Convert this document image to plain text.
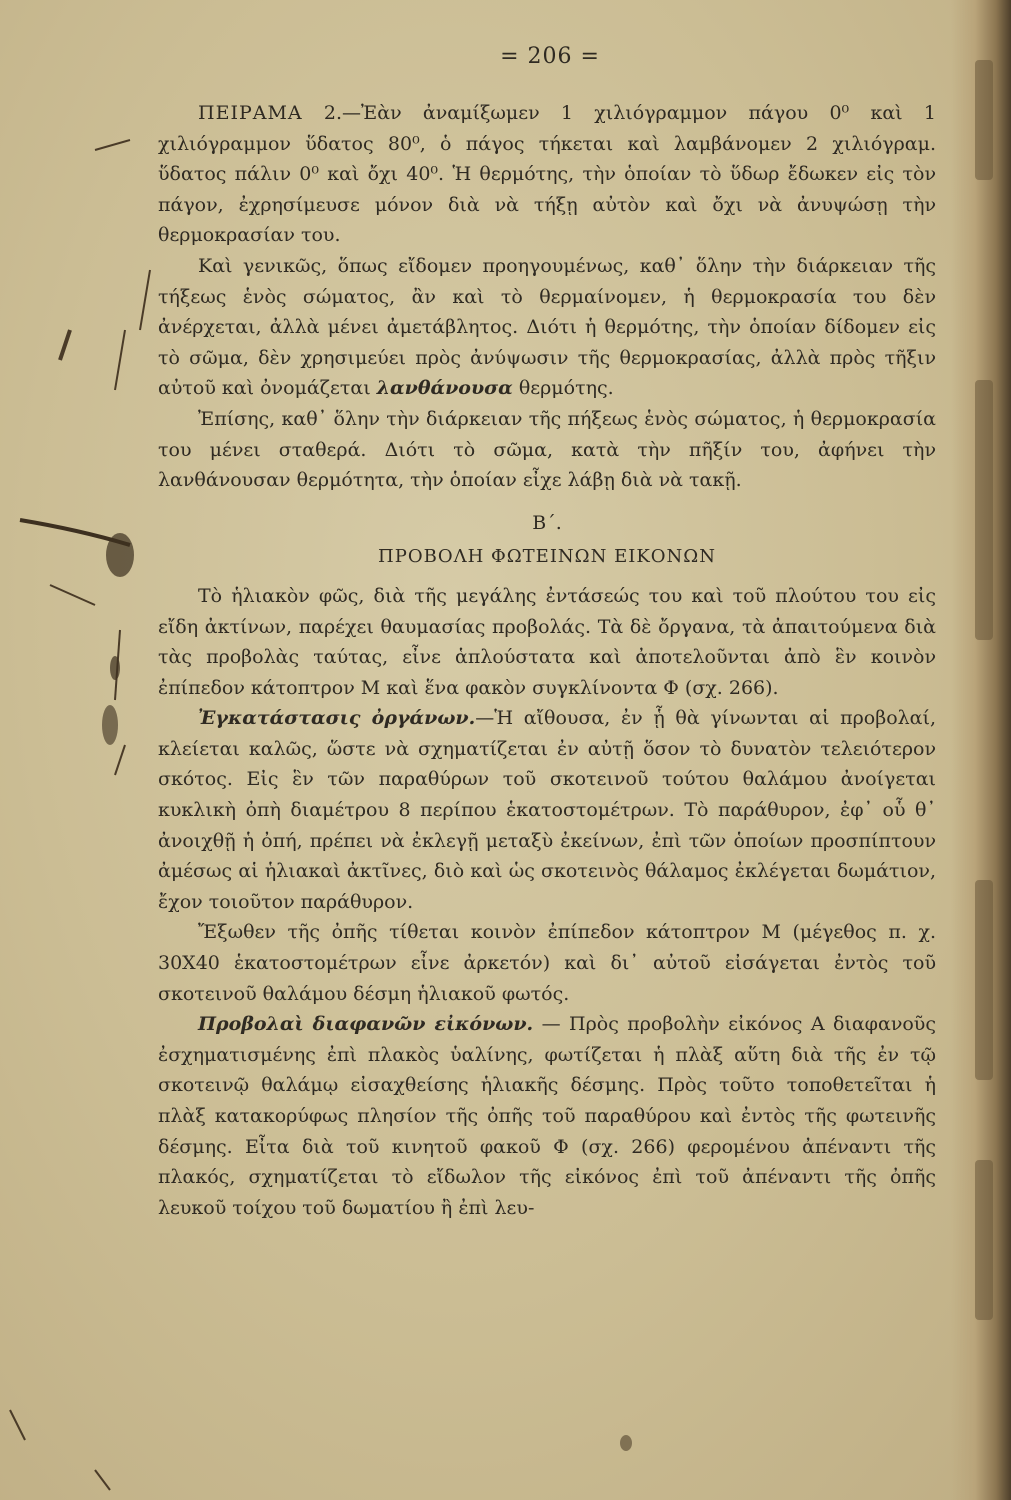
= 206 =

ΠΕΙΡΑΜΑ 2.—Ἐὰν ἀναμίξωμεν 1 χιλιόγραμμον πάγου 0⁰ καὶ 1 χιλιόγραμμον ὕδατος 80⁰, ὁ πάγος τήκεται καὶ λαμβάνομεν 2 χιλιόγραμ. ὕδατος πάλιν 0⁰ καὶ ὄχι 40⁰. Ἡ θερμότης, τὴν ὁποίαν τὸ ὕδωρ ἔδωκεν εἰς τὸν πάγον, ἐχρησίμευσε μόνον διὰ νὰ τήξῃ αὐτὸν καὶ ὄχι νὰ ἀνυψώσῃ τὴν θερμοκρασίαν του.

Καὶ γενικῶς, ὅπως εἴδομεν προηγουμένως, καθ᾿ ὅλην τὴν διάρκειαν τῆς τήξεως ἑνὸς σώματος, ἂν καὶ τὸ θερμαίνομεν, ἡ θερμοκρασία του δὲν ἀνέρχεται, ἀλλὰ μένει ἀμετάβλητος. Διότι ἡ θερμότης, τὴν ὁποίαν δίδομεν εἰς τὸ σῶμα, δὲν χρησιμεύει πρὸς ἀνύψωσιν τῆς θερμοκρασίας, ἀλλὰ πρὸς τῆξιν αὐτοῦ καὶ ὀνομάζεται λανθάνουσα θερμότης.

Ἐπίσης, καθ᾿ ὅλην τὴν διάρκειαν τῆς πήξεως ἑνὸς σώματος, ἡ θερμοκρασία του μένει σταθερά. Διότι τὸ σῶμα, κατὰ τὴν πῆξίν του, ἀφήνει τὴν λανθάνουσαν θερμότητα, τὴν ὁποίαν εἶχε λάβῃ διὰ νὰ τακῇ.

Β΄.
ΠΡΟΒΟΛΗ ΦΩΤΕΙΝΩΝ ΕΙΚΟΝΩΝ

Τὸ ἡλιακὸν φῶς, διὰ τῆς μεγάλης ἐντάσεώς του καὶ τοῦ πλούτου του εἰς εἴδη ἀκτίνων, παρέχει θαυμασίας προβολάς. Τὰ δὲ ὄργανα, τὰ ἀπαιτούμενα διὰ τὰς προβολὰς ταύτας, εἶνε ἁπλούστατα καὶ ἀποτελοῦνται ἀπὸ ἓν κοινὸν ἐπίπεδον κάτοπτρον Μ καὶ ἕνα φακὸν συγκλίνοντα Φ (σχ. 266).

Ἐγκατάστασις ὀργάνων.—Ἡ αἴθουσα, ἐν ᾗ θὰ γίνωνται αἱ προβολαί, κλείεται καλῶς, ὥστε νὰ σχηματίζεται ἐν αὐτῇ ὅσον τὸ δυνατὸν τελειότερον σκότος. Εἰς ἓν τῶν παραθύρων τοῦ σκοτεινοῦ τούτου θαλάμου ἀνοίγεται κυκλικὴ ὀπὴ διαμέτρου 8 περίπου ἑκατοστομέτρων. Τὸ παράθυρον, ἐφ᾿ οὗ θ᾿ ἀνοιχθῇ ἡ ὀπή, πρέπει νὰ ἐκλεγῇ μεταξὺ ἐκείνων, ἐπὶ τῶν ὁποίων προσπίπτουν ἀμέσως αἱ ἡλιακαὶ ἀκτῖνες, διὸ καὶ ὡς σκοτεινὸς θάλαμος ἐκλέγεται δωμάτιον, ἔχον τοιοῦτον παράθυρον.

Ἔξωθεν τῆς ὀπῆς τίθεται κοινὸν ἐπίπεδον κάτοπτρον Μ (μέγεθος π. χ. 30Χ40 ἑκατοστομέτρων εἶνε ἀρκετόν) καὶ δι᾿ αὐτοῦ εἰσάγεται ἐντὸς τοῦ σκοτεινοῦ θαλάμου δέσμη ἡλιακοῦ φωτός.

Προβολαὶ διαφανῶν εἰκόνων. — Πρὸς προβολὴν εἰκόνος Α διαφανοῦς ἐσχηματισμένης ἐπὶ πλακὸς ὑαλίνης, φωτίζεται ἡ πλὰξ αὕτη διὰ τῆς ἐν τῷ σκοτεινῷ θαλάμῳ εἰσαχθείσης ἡλιακῆς δέσμης. Πρὸς τοῦτο τοποθετεῖται ἡ πλὰξ κατακορύφως πλησίον τῆς ὀπῆς τοῦ παραθύρου καὶ ἐντὸς τῆς φωτεινῆς δέσμης. Εἶτα διὰ τοῦ κινητοῦ φακοῦ Φ (σχ. 266) φερομένου ἀπέναντι τῆς πλακός, σχηματίζεται τὸ εἴδωλον τῆς εἰκόνος ἐπὶ τοῦ ἀπέναντι τῆς ὀπῆς λευκοῦ τοίχου τοῦ δωματίου ἢ ἐπὶ λευ-
